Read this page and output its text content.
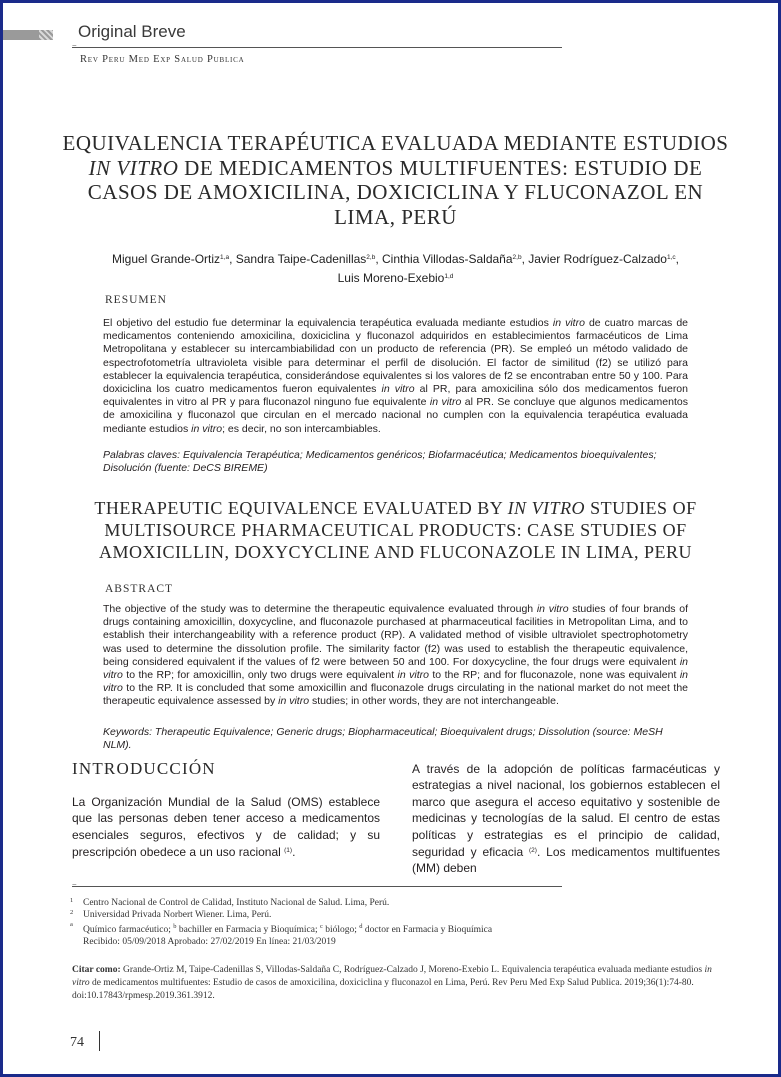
Original Breve
Rev Peru Med Exp Salud Publica
EQUIVALENCIA TERAPÉUTICA EVALUADA MEDIANTE ESTUDIOS
IN VITRO DE MEDICAMENTOS MULTIFUENTES: ESTUDIO DE
CASOS DE AMOXICILINA, DOXICICLINA Y FLUCONAZOL EN
LIMA, PERÚ
Miguel Grande-Ortiz$^{1,a}$, Sandra Taipe-Cadenillas$^{2,b}$, Cinthia Villodas-Saldaña$^{2,b}$, Javier Rodríguez-Calzado$^{1,c}$,
Luis Moreno-Exebio$^{1,d}$
RESUMEN
El objetivo del estudio fue determinar la equivalencia terapéutica evaluada mediante estudios in vitro de cuatro marcas de medicamentos conteniendo amoxicilina, doxiciclina y fluconazol adquiridos en establecimientos farmacéuticos de Lima Metropolitana y establecer su intercambiabilidad con un producto de referencia (PR). Se empleó un método validado de espectrofotometría ultravioleta visible para determinar el perfil de disolución. El factor de similitud (f2) se utilizó para establecer la equivalencia terapéutica, considerándose equivalentes si los valores de f2 se encontraban entre 50 y 100. Para doxiciclina los cuatro medicamentos fueron equivalentes in vitro al PR, para amoxicilina sólo dos medicamentos fueron equivalentes in vitro al PR y para fluconazol ninguno fue equivalente in vitro al PR. Se concluye que algunos medicamentos de amoxicilina y fluconazol que circulan en el mercado nacional no cumplen con la equivalencia terapéutica evaluada mediante estudios in vitro; es decir, no son intercambiables.
Palabras claves: Equivalencia Terapéutica; Medicamentos genéricos; Biofarmacéutica; Medicamentos bioequivalentes; Disolución (fuente: DeCS BIREME)
THERAPEUTIC EQUIVALENCE EVALUATED BY IN VITRO STUDIES OF
MULTISOURCE PHARMACEUTICAL PRODUCTS: CASE STUDIES OF
AMOXICILLIN, DOXYCYCLINE AND FLUCONAZOLE IN LIMA, PERU
ABSTRACT
The objective of the study was to determine the therapeutic equivalence evaluated through in vitro studies of four brands of drugs containing amoxicillin, doxycycline, and fluconazole purchased at pharmaceutical facilities in Metropolitan Lima, and to establish their interchangeability with a reference product (RP). A validated method of visible ultraviolet spectrophotometry was used to determine the dissolution profile. The similarity factor (f2) was used to establish the therapeutic equivalence, being considered equivalent if the values of f2 were between 50 and 100. For doxycycline, the four drugs were equivalent in vitro to the RP; for amoxicillin, only two drugs were equivalent in vitro to the RP; and for fluconazole, none was equivalent in vitro to the RP. It is concluded that some amoxicillin and fluconazole drugs circulating in the national market do not meet the therapeutic equivalence assessed by in vitro studies; in other words, they are not interchangeable.
Keywords: Therapeutic Equivalence; Generic drugs; Biopharmaceutical; Bioequivalent drugs; Dissolution (source: MeSH NLM).
INTRODUCCIÓN
La Organización Mundial de la Salud (OMS) establece que las personas deben tener acceso a medicamentos esenciales seguros, efectivos y de calidad; y su prescripción obedece a un uso racional $^{(1)}$.
A través de la adopción de políticas farmacéuticas y estrategias a nivel nacional, los gobiernos establecen el marco que asegura el acceso equitativo y sostenible de medicinas y tecnologías de la salud. El centro de estas políticas y estrategias es el principio de calidad, seguridad y eficacia $^{(2)}$. Los medicamentos multifuentes (MM) deben
1 Centro Nacional de Control de Calidad, Instituto Nacional de Salud. Lima, Perú.
2 Universidad Privada Norbert Wiener. Lima, Perú.
a
Químico farmacéutico; $^b$ bachiller en Farmacia y Bioquímica; $^c$ biólogo; $^d$ doctor en Farmacia y Bioquímica
Recibido: 05/09/2018 Aprobado: 27/02/2019 En línea: 21/03/2019
Citar como: Grande-Ortiz M, Taipe-Cadenillas S, Villodas-Saldaña C, Rodríguez-Calzado J, Moreno-Exebio L. Equivalencia terapéutica evaluada mediante estudios in vitro de medicamentos multifuentes: Estudio de casos de amoxicilina, doxiciclina y fluconazol en Lima, Perú. Rev Peru Med Exp Salud Publica. 2019;36(1):74-80. doi:10.17843/rpmesp.2019.361.3912.
74
